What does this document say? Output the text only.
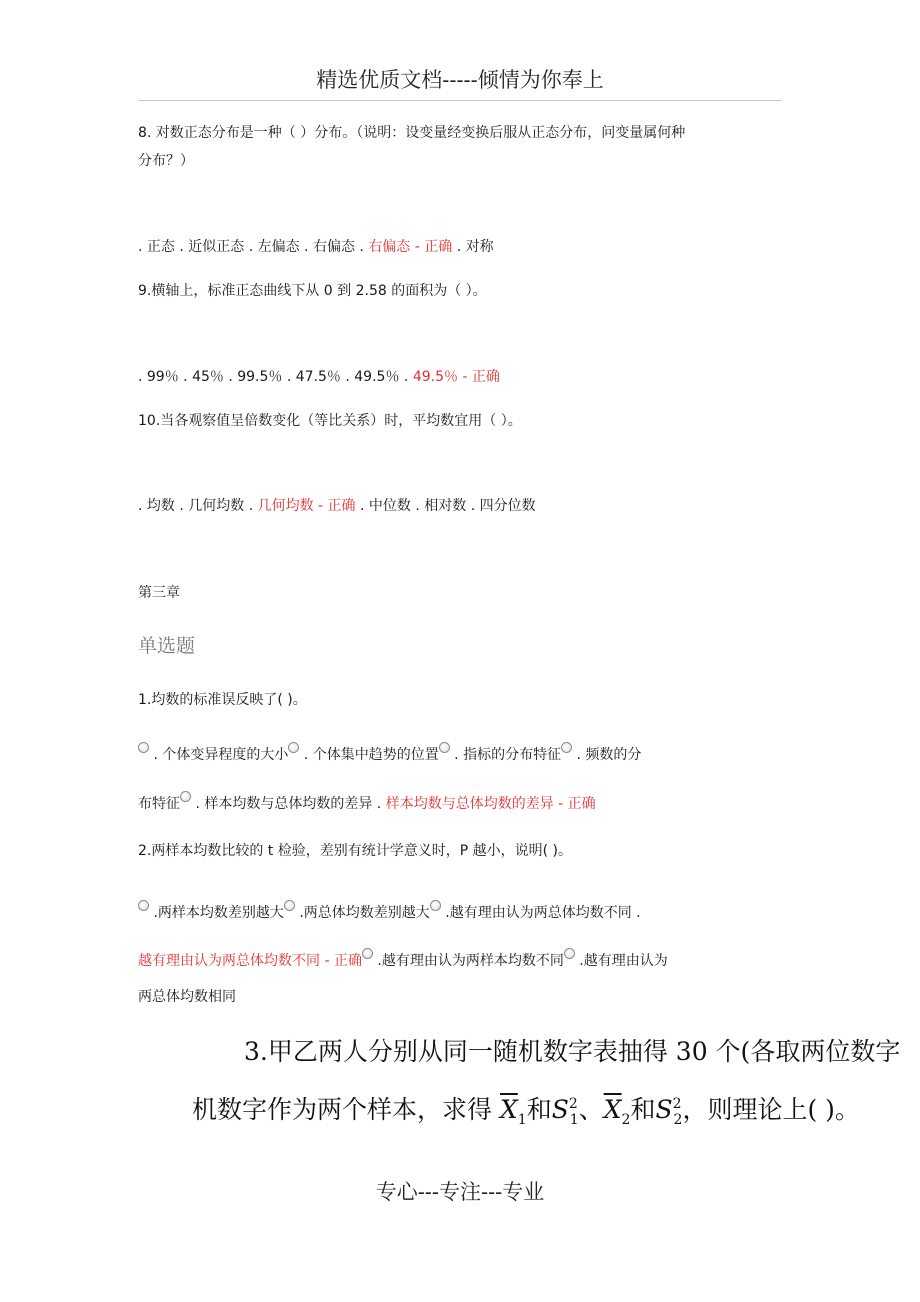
精选优质文档-----倾情为你奉上
8. 对数正态分布是一种（ ）分布。（说明：设变量经变换后服从正态分布，问变量属何种
分布？）
. 正态 . 近似正态 . 左偏态 . 右偏态 . 右偏态 - 正确 . 对称
9.横轴上，标准正态曲线下从 0 到 2.58 的面积为（ ）。
. 99％ . 45％ . 99.5％ . 47.5％ . 49.5％ . 49.5％ - 正确
10.当各观察值呈倍数变化（等比关系）时，平均数宜用（ ）。
. 均数 . 几何均数 . 几何均数 - 正确 . 中位数 . 相对数 . 四分位数
第三章
单选题
1.均数的标准误反映了( )。
. 个体变异程度的大小 . 个体集中趋势的位置 . 指标的分布特征 . 频数的分
布特征 . 样本均数与总体均数的差异 . 样本均数与总体均数的差异 - 正确
2.两样本均数比较的 t 检验，差别有统计学意义时，P 越小，说明( )。
.两样本均数差别越大 .两总体均数差别越大 .越有理由认为两总体均数不同 .
越有理由认为两总体均数不同 - 正确 .越有理由认为两样本均数不同 .越有理由认为
两总体均数相同
3.甲乙两人分别从同一随机数字表抽得 30 个(各取两位数字
机数字作为两个样本，求得 $\overline{X}_1$和$S^2_1$、$\overline{X}_2$和$S^2_2$，则理论上( )。
专心---专注---专业
